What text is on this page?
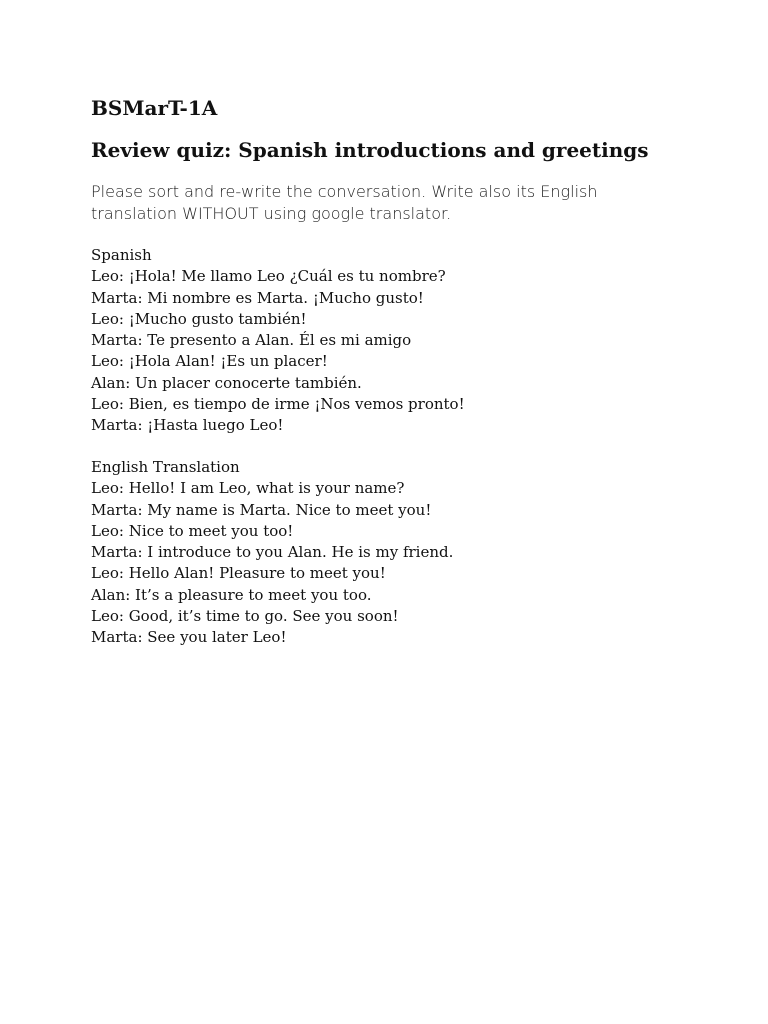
BSMarT-1A
Review quiz: Spanish introductions and greetings
Please sort and re-write the conversation. Write also its English
translation WITHOUT using google translator.
Spanish
Leo: ¡Hola! Me llamo Leo ¿Cuál es tu nombre?
Marta: Mi nombre es Marta. ¡Mucho gusto!
Leo: ¡Mucho gusto también!
Marta: Te presento a Alan. Él es mi amigo
Leo: ¡Hola Alan! ¡Es un placer!
Alan: Un placer conocerte también.
Leo: Bien, es tiempo de irme ¡Nos vemos pronto!
Marta: ¡Hasta luego Leo!
English Translation
Leo: Hello! I am Leo, what is your name?
Marta: My name is Marta. Nice to meet you!
Leo: Nice to meet you too!
Marta: I introduce to you Alan. He is my friend.
Leo: Hello Alan! Pleasure to meet you!
Alan: It’s a pleasure to meet you too.
Leo: Good, it’s time to go. See you soon!
Marta: See you later Leo!
